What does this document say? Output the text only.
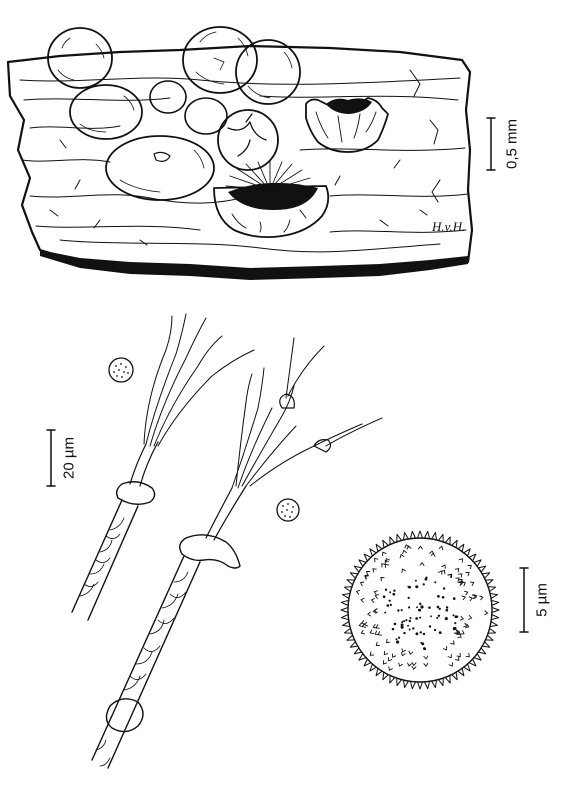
0,5 mm
20 µm
5 µm
H.v.H.
